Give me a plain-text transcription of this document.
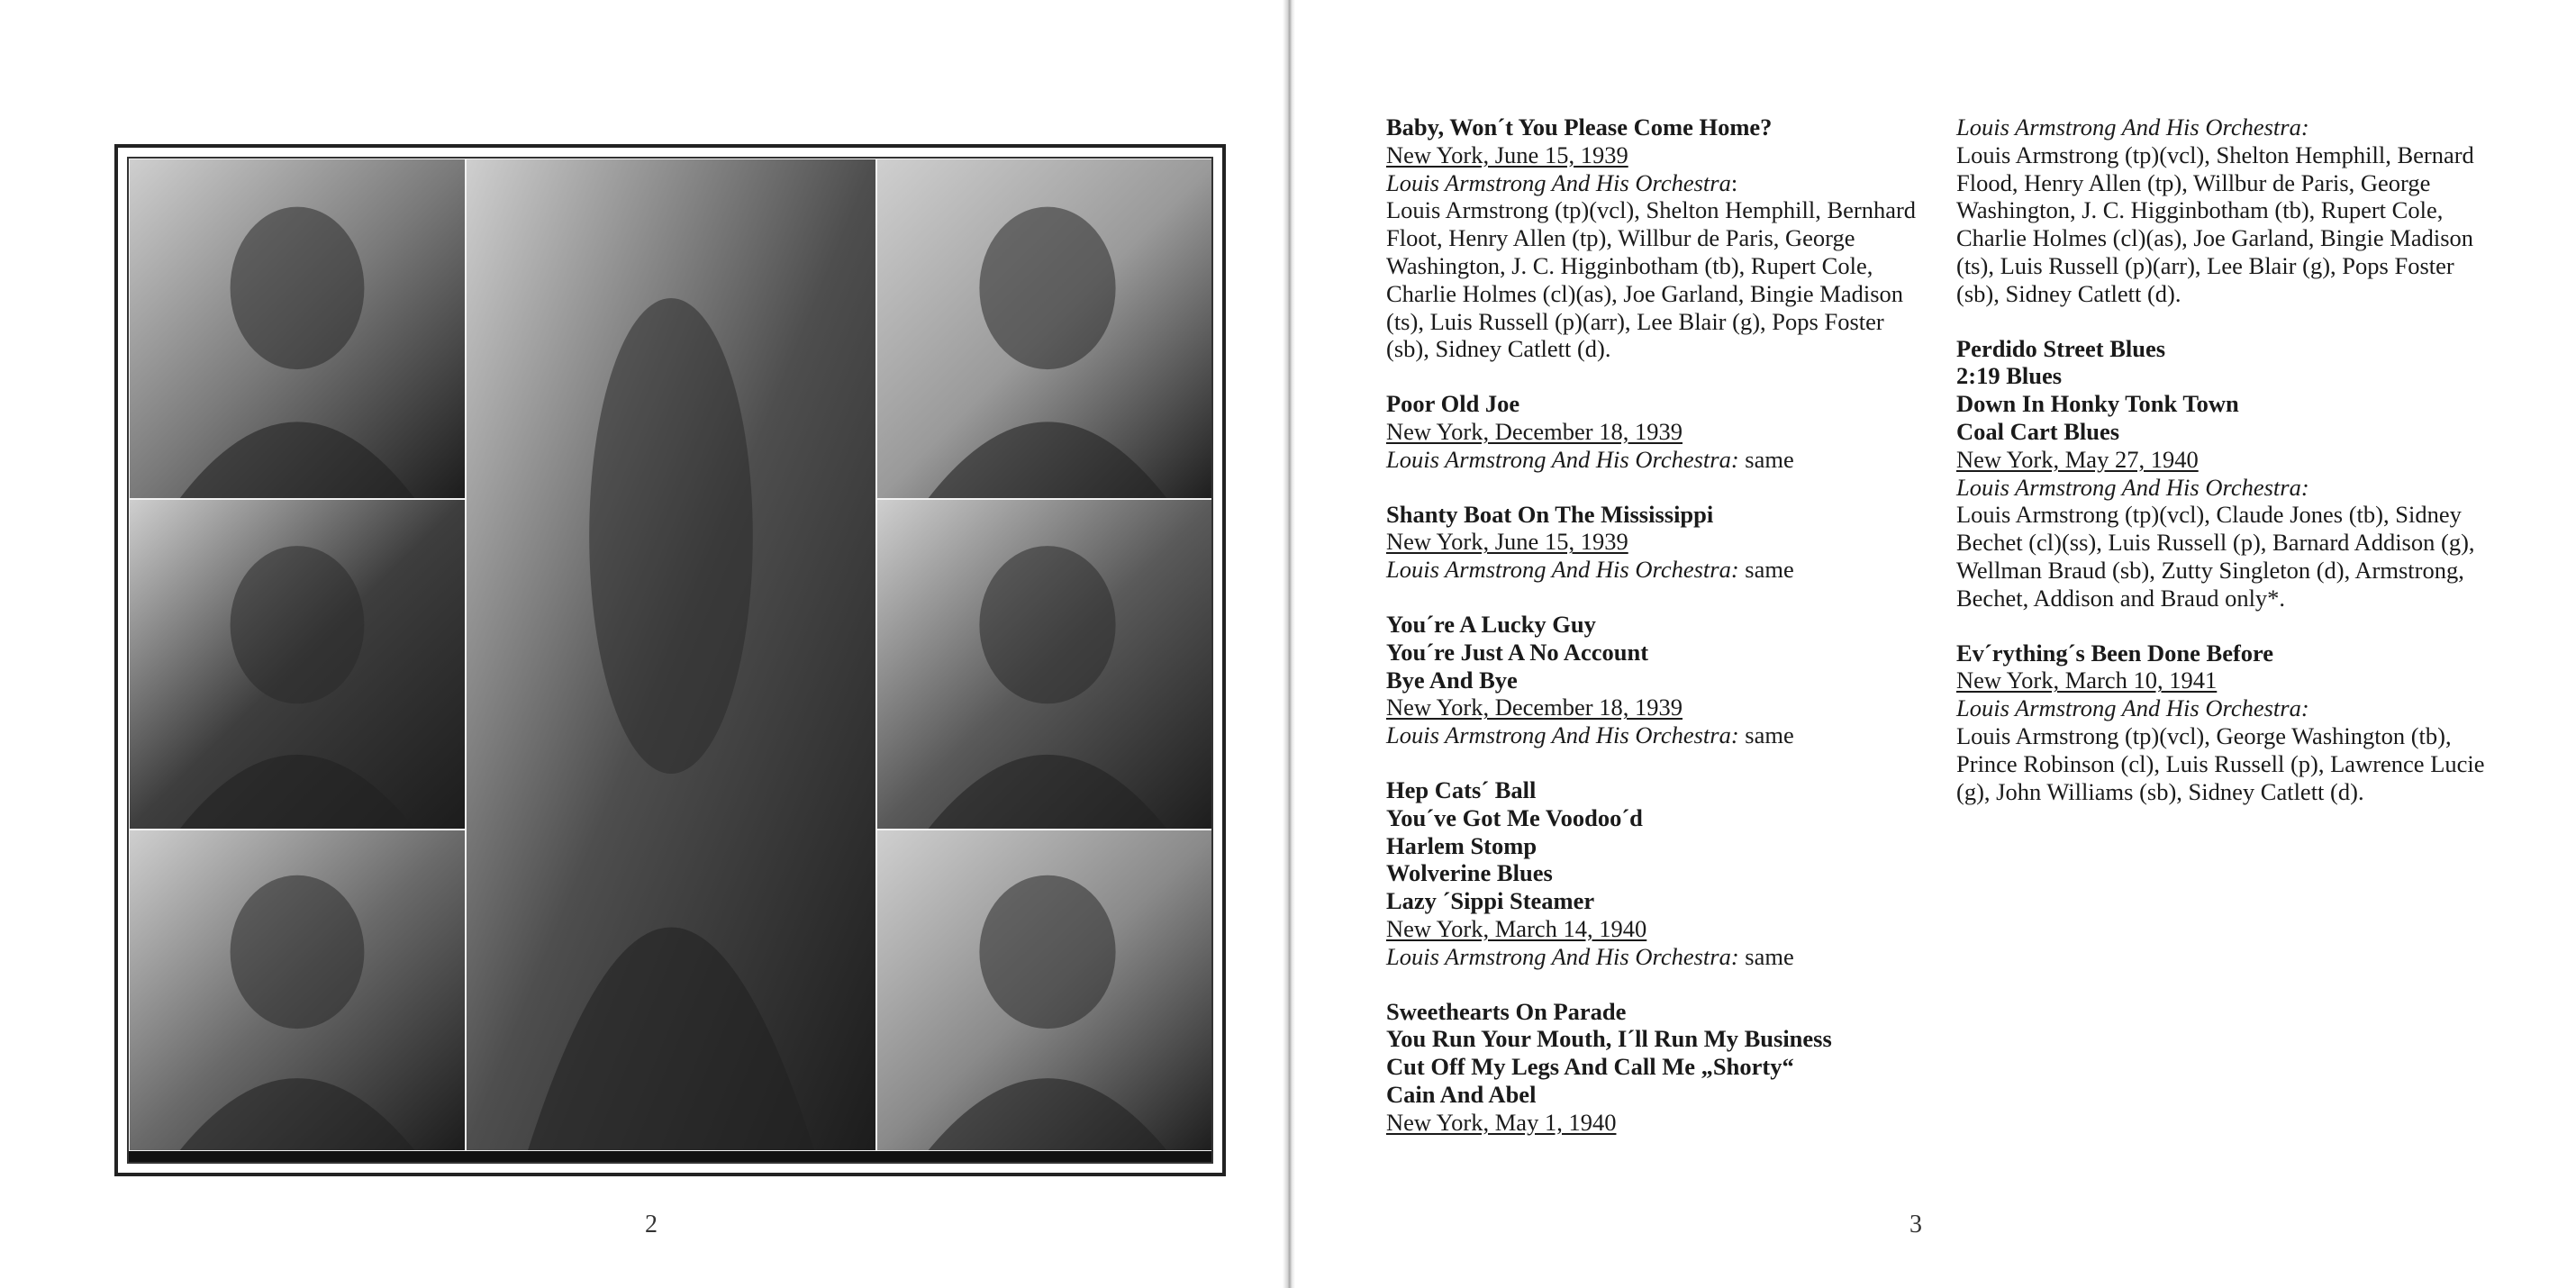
2	3

Baby, Won´t You Please Come Home?

New York, June 15, 1939

Louis Armstrong And His Orchestra:

Louis Armstrong (tp)(vcl), Shelton Hemphill, Bernhard Floot, Henry Allen (tp), Willbur de Paris, George Washington, J. C. Higginbotham (tb), Rupert Cole, Charlie Holmes (cl)(as), Joe Garland, Bingie Madison (ts), Luis Russell (p)(arr), Lee Blair (g), Pops Foster (sb), Sidney Catlett (d).

Poor Old Joe

New York, December 18, 1939

Louis Armstrong And His Orchestra: same

Shanty Boat On The Mississippi

New York, June 15, 1939

Louis Armstrong And His Orchestra: same

You´re A Lucky Guy

You´re Just A No Account

Bye And Bye

New York, December 18, 1939

Louis Armstrong And His Orchestra: same

Hep Cats´ Ball

You´ve Got Me Voodoo´d

Harlem Stomp

Wolverine Blues

Lazy ´Sippi Steamer

New York, March 14, 1940

Louis Armstrong And His Orchestra: same

Sweethearts On Parade

You Run Your Mouth, I´ll Run My Business

Cut Off My Legs And Call Me „Shorty“

Cain And Abel

New York, May 1, 1940

Louis Armstrong And His Orchestra:

Louis Armstrong (tp)(vcl), Shelton Hemphill, Bernard Flood, Henry Allen (tp), Willbur de Paris, George Washington, J. C. Higginbotham (tb), Rupert Cole, Charlie Holmes (cl)(as), Joe Garland, Bingie Madison (ts), Luis Russell (p)(arr), Lee Blair (g), Pops Foster (sb), Sidney Catlett (d).

Perdido Street Blues

2:19 Blues

Down In Honky Tonk Town

Coal Cart Blues

New York, May 27, 1940

Louis Armstrong And His Orchestra:

Louis Armstrong (tp)(vcl), Claude Jones (tb), Sidney Bechet (cl)(ss), Luis Russell (p), Barnard Addison (g), Wellman Braud (sb), Zutty Singleton (d), Armstrong, Bechet, Addison and Braud only*.

Ev´rything´s Been Done Before

New York, March 10, 1941

Louis Armstrong And His Orchestra:

Louis Armstrong (tp)(vcl), George Washington (tb), Prince Robinson (cl), Luis Russell (p), Lawrence Lucie (g), John Williams (sb), Sidney Catlett (d).
